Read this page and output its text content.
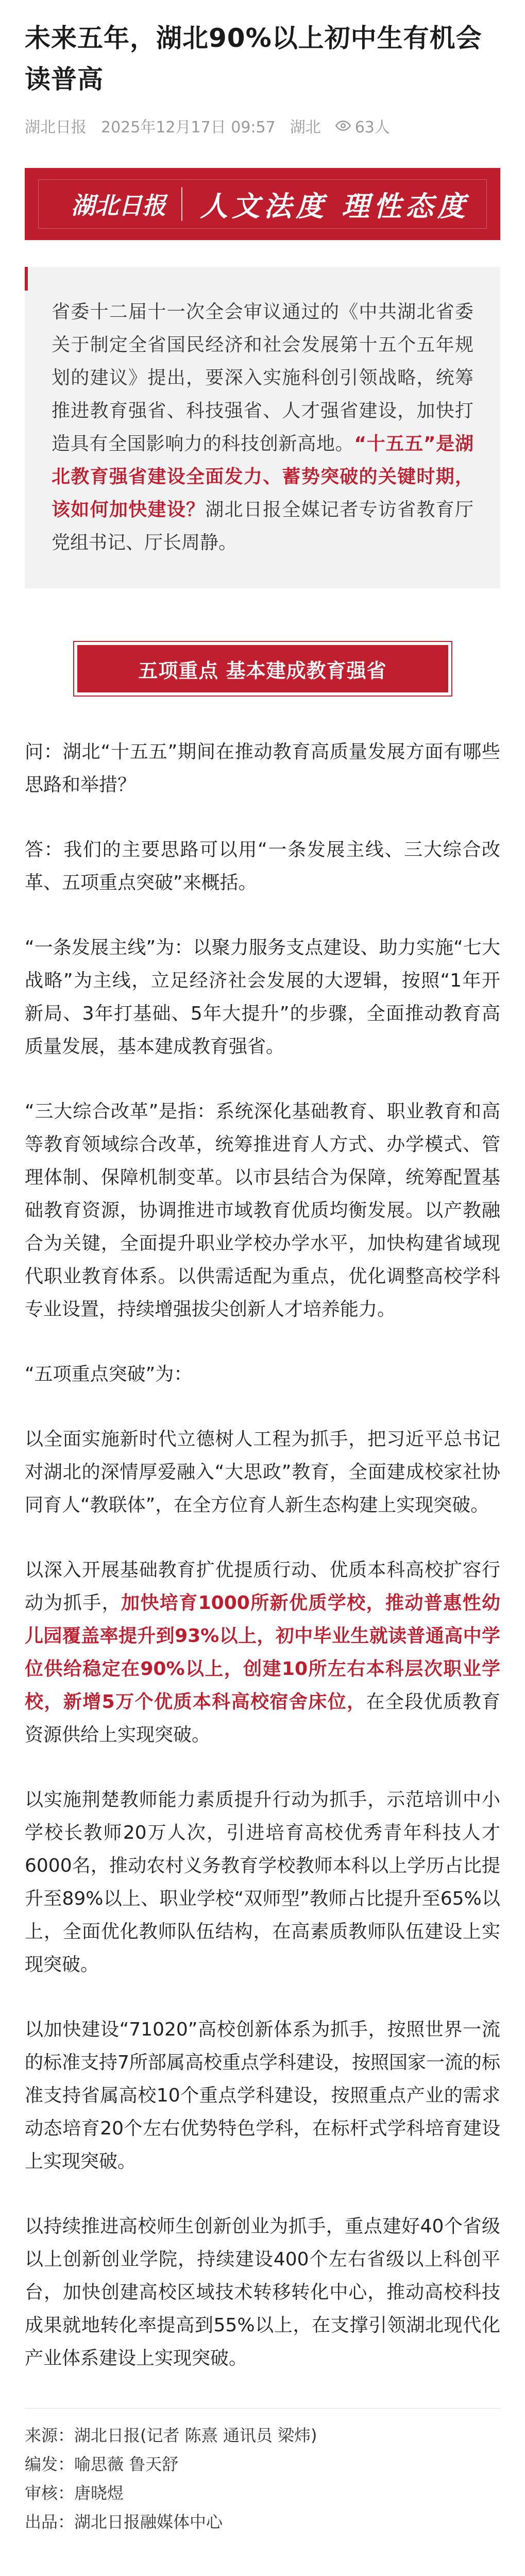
未来五年，湖北90%以上初中生有机会读普高
湖北日报 2025年12月17日 09:57 湖北 63人
湖北日报	人文法度 理性态度

省委十二届十一次全会审议通过的《中共湖北省委关于制定全省国民经济和社会发展第十五个五年规划的建议》提出，要深入实施科创引领战略，统筹推进教育强省、科技强省、人才强省建设，加快打造具有全国影响力的科技创新高地。“十五五”是湖北教育强省建设全面发力、蓄势突破的关键时期，该如何加快建设？湖北日报全媒记者专访省教育厅党组书记、厅长周静。

五项重点 基本建成教育强省

问：湖北“十五五”期间在推动教育高质量发展方面有哪些思路和举措？

答：我们的主要思路可以用“一条发展主线、三大综合改革、五项重点突破”来概括。

“一条发展主线”为：以聚力服务支点建设、助力实施“七大战略”为主线，立足经济社会发展的大逻辑，按照“1年开新局、3年打基础、5年大提升”的步骤，全面推动教育高质量发展，基本建成教育强省。

“三大综合改革”是指：系统深化基础教育、职业教育和高等教育领域综合改革，统筹推进育人方式、办学模式、管理体制、保障机制变革。以市县结合为保障，统筹配置基础教育资源，协调推进市域教育优质均衡发展。以产教融合为关键，全面提升职业学校办学水平，加快构建省域现代职业教育体系。以供需适配为重点，优化调整高校学科专业设置，持续增强拔尖创新人才培养能力。

“五项重点突破”为：

以全面实施新时代立德树人工程为抓手，把习近平总书记对湖北的深情厚爱融入“大思政”教育，全面建成校家社协同育人“教联体”，在全方位育人新生态构建上实现突破。

以深入开展基础教育扩优提质行动、优质本科高校扩容行动为抓手，加快培育1000所新优质学校，推动普惠性幼儿园覆盖率提升到93%以上，初中毕业生就读普通高中学位供给稳定在90%以上，创建10所左右本科层次职业学校，新增5万个优质本科高校宿舍床位，在全段优质教育资源供给上实现突破。

以实施荆楚教师能力素质提升行动为抓手，示范培训中小学校长教师20万人次，引进培育高校优秀青年科技人才6000名，推动农村义务教育学校教师本科以上学历占比提升至89%以上、职业学校“双师型”教师占比提升至65%以上，全面优化教师队伍结构，在高素质教师队伍建设上实现突破。

以加快建设“71020”高校创新体系为抓手，按照世界一流的标准支持7所部属高校重点学科建设，按照国家一流的标准支持省属高校10个重点学科建设，按照重点产业的需求动态培育20个左右优势特色学科，在标杆式学科培育建设上实现突破。

以持续推进高校师生创新创业为抓手，重点建好40个省级以上创新创业学院，持续建设400个左右省级以上科创平台，加快创建高校区域技术转移转化中心，推动高校科技成果就地转化率提高到55%以上，在支撑引领湖北现代化产业体系建设上实现突破。

来源：湖北日报(记者 陈熹 通讯员 梁炜)
编发：喻思薇 鲁天舒
审核：唐晓煜
出品：湖北日报融媒体中心
